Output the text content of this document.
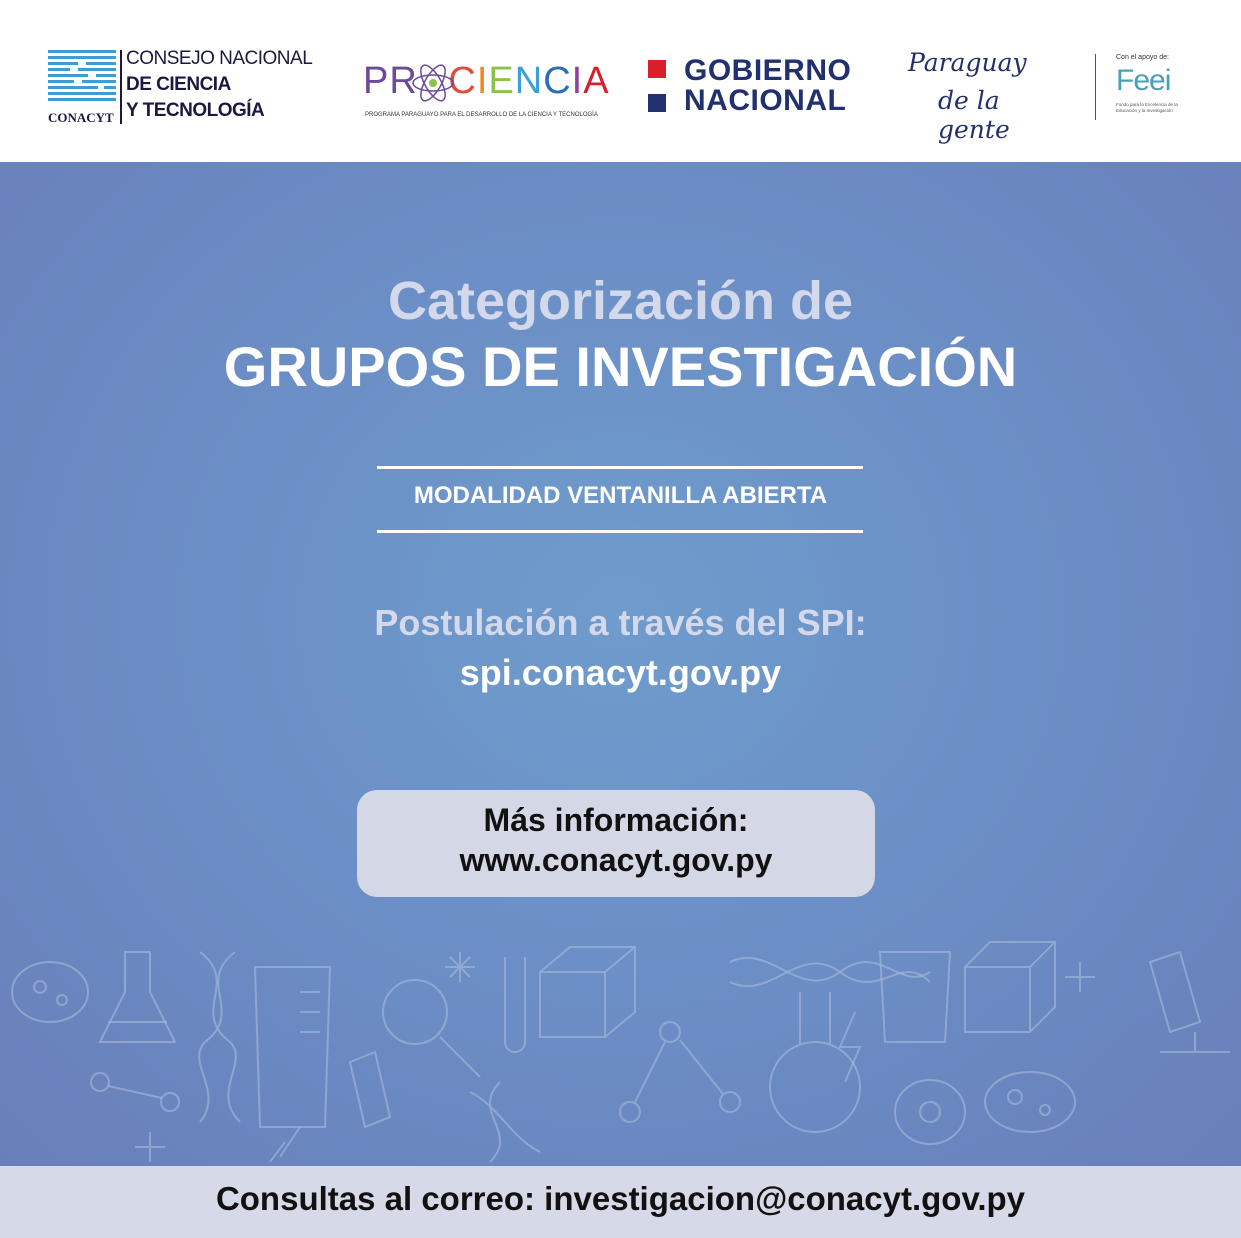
CONACYT
CONSEJO NACIONAL
DE CIENCIA
Y TECNOLOGÍA
PR CIENCIA
PROGRAMA PARAGUAYO PARA EL DESARROLLO DE LA CIENCIA Y TECNOLOGÍA
GOBIERNO
NACIONAL
Paraguay
de la gente
Con el apoyo de:
Feei
Fondo para la Excelencia de la Educación y la Investigación
Categorización de
GRUPOS DE INVESTIGACIÓN
MODALIDAD VENTANILLA ABIERTA
Postulación a través del SPI:
spi.conacyt.gov.py
Más información:
www.conacyt.gov.py
Consultas al correo: investigacion@conacyt.gov.py
